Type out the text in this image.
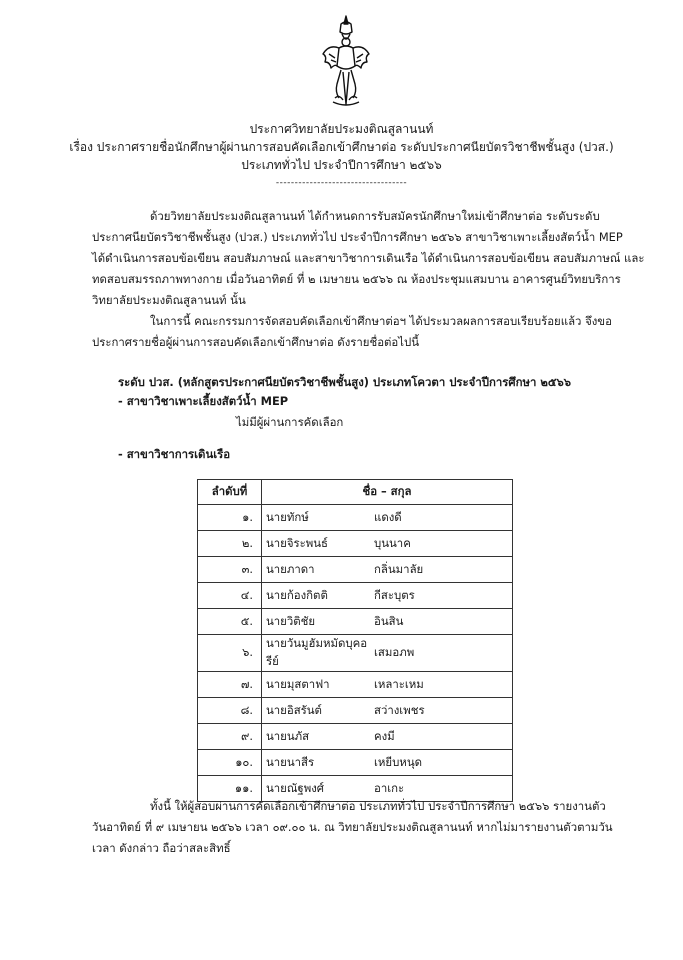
ประกาศวิทยาลัยประมงติณสูลานนท์
เรื่อง ประกาศรายชื่อนักศึกษาผู้ผ่านการสอบคัดเลือกเข้าศึกษาต่อ ระดับประกาศนียบัตรวิชาชีพชั้นสูง (ปวส.)
ประเภททั่วไป ประจำปีการศึกษา ๒๕๖๖
-----------------------------------
ด้วยวิทยาลัยประมงติณสูลานนท์ ได้กำหนดการรับสมัครนักศึกษาใหม่เข้าศึกษาต่อ ระดับระดับ
ประกาศนียบัตรวิชาชีพชั้นสูง (ปวส.) ประเภททั่วไป ประจำปีการศึกษา ๒๕๖๖ สาขาวิชาเพาะเลี้ยงสัตว์น้ำ MEP
ได้ดำเนินการสอบข้อเขียน สอบสัมภาษณ์ และสาขาวิชาการเดินเรือ ได้ดำเนินการสอบข้อเขียน สอบสัมภาษณ์ และ
ทดสอบสมรรถภาพทางกาย เมื่อวันอาทิตย์ ที่ ๒ เมษายน ๒๕๖๖ ณ ห้องประชุมแสมบาน อาคารศูนย์วิทยบริการ
วิทยาลัยประมงติณสูลานนท์ นั้น
ในการนี้ คณะกรรมการจัดสอบคัดเลือกเข้าศึกษาต่อฯ ได้ประมวลผลการสอบเรียบร้อยแล้ว จึงขอ
ประกาศรายชื่อผู้ผ่านการสอบคัดเลือกเข้าศึกษาต่อ ดังรายชื่อต่อไปนี้
ระดับ ปวส. (หลักสูตรประกาศนียบัตรวิชาชีพชั้นสูง) ประเภทโควตา ประจำปีการศึกษา ๒๕๖๖
- สาขาวิชาเพาะเลี้ยงสัตว์น้ำ MEP
ไม่มีผู้ผ่านการคัดเลือก
- สาขาวิชาการเดินเรือ
ลำดับที่	ชื่อ – สกุล	
๑.	นายทักษ์	แดงดี
๒.	นายจิระพนธ์	บุนนาค
๓.	นายภาดา	กลิ่นมาลัย
๔.	นายก้องกิตติ	กีสะบุตร
๕.	นายวิติชัย	อินสิน
๖.	นายวันมูฮัมหมัดบุคอรีย์	เสมอภพ
๗.	นายมุสตาฟา	เหลาะเหม
๘.	นายอิสรันต์	สว่างเพชร
๙.	นายนภัส	คงมี
๑๐.	นายนาสีร	เหยีบหนุด
๑๑.	นายณัฐพงศ์	อาเกะ
ทั้งนี้ ให้ผู้สอบผ่านการคัดเลือกเข้าศึกษาต่อ ประเภททั่วไป ประจำปีการศึกษา ๒๕๖๖ รายงานตัว
วันอาทิตย์ ที่ ๙ เมษายน ๒๕๖๖ เวลา ๐๙.๐๐ น. ณ วิทยาลัยประมงติณสูลานนท์ หากไม่มารายงานตัวตามวัน
เวลา ดังกล่าว ถือว่าสละสิทธิ์
